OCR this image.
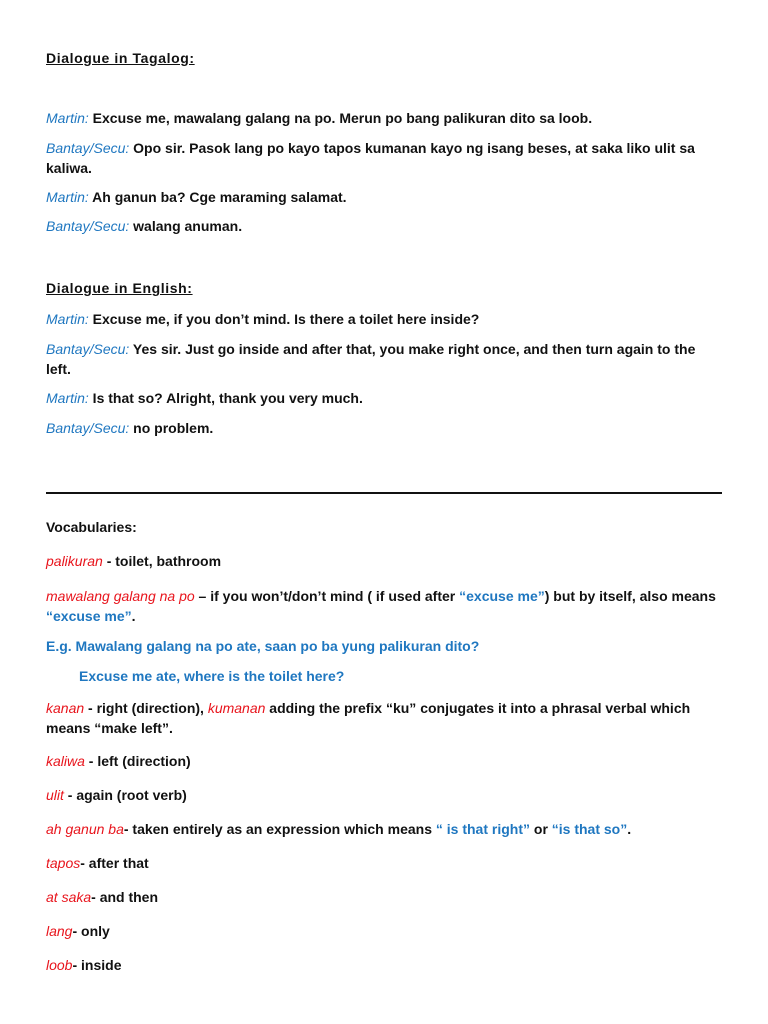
Dialogue in Tagalog:
Martin: Excuse me, mawalang galang na po. Merun po bang palikuran dito sa loob.
Bantay/Secu: Opo sir. Pasok lang po kayo tapos kumanan kayo ng isang beses, at saka liko ulit sa kaliwa.
Martin: Ah ganun ba? Cge maraming salamat.
Bantay/Secu: walang anuman.
Dialogue in English:
Martin: Excuse me, if you don’t mind. Is there a toilet here inside?
Bantay/Secu: Yes sir. Just go inside and after that, you make right once, and then turn again to the left.
Martin: Is that so? Alright, thank you very much.
Bantay/Secu: no problem.
Vocabularies:
palikuran - toilet, bathroom
mawalang galang na po – if you won’t/don’t mind ( if used after “excuse me”) but by itself, also means “excuse me”.
E.g. Mawalang galang na po ate, saan po ba yung palikuran dito?
Excuse me ate, where is the toilet here?
kanan - right (direction), kumanan adding the prefix “ku” conjugates it into a phrasal verbal which means “make left”.
kaliwa - left (direction)
ulit - again (root verb)
ah ganun ba- taken entirely as an expression which means “ is that right” or “is that so”.
tapos- after that
at saka- and then
lang- only
loob- inside
